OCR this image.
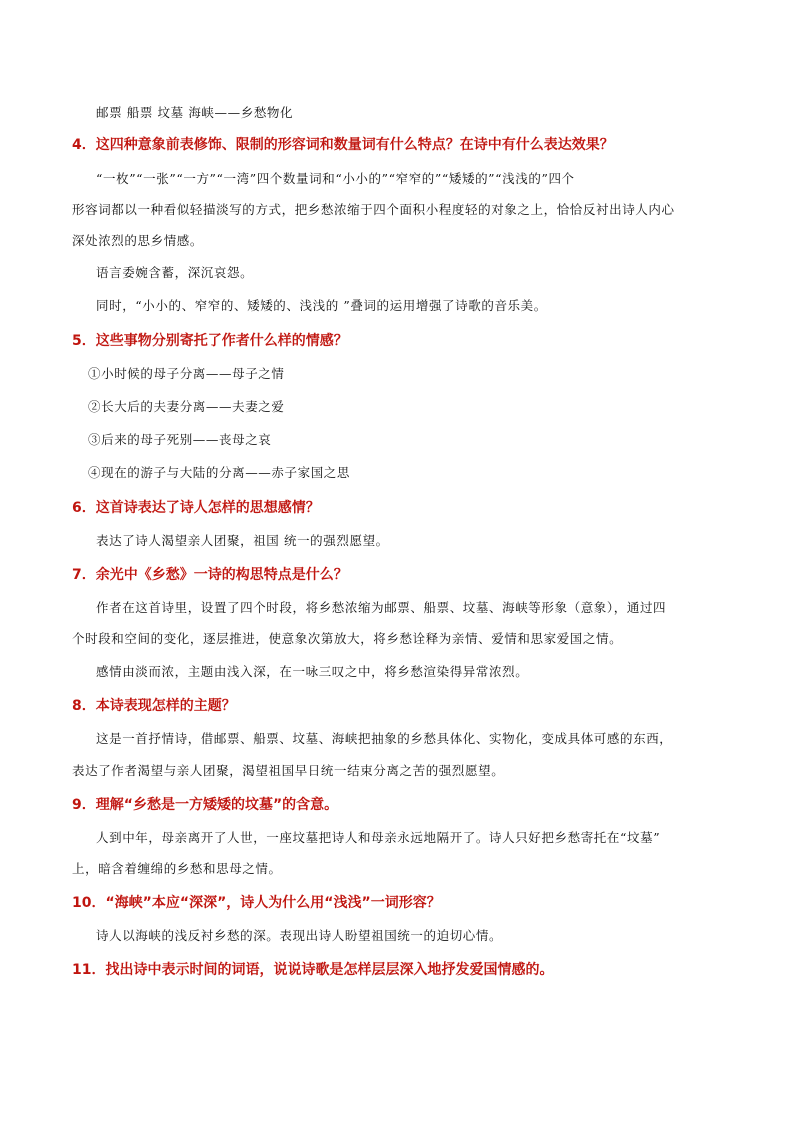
邮票 船票 坟墓 海峡——乡愁物化
4．这四种意象前表修饰、限制的形容词和数量词有什么特点？在诗中有什么表达效果？
“一枚”“一张”“一方”“一湾”四个数量词和“小小的”“窄窄的”“矮矮的”“浅浅的”四个
形容词都以一种看似轻描淡写的方式，把乡愁浓缩于四个面积小程度轻的对象之上，恰恰反衬出诗人内心
深处浓烈的思乡情感。
语言委婉含蓄，深沉哀怨。
同时，“小小的、窄窄的、矮矮的、浅浅的 ”叠词的运用增强了诗歌的音乐美。
5．这些事物分别寄托了作者什么样的情感？
①小时候的母子分离——母子之情
②长大后的夫妻分离——夫妻之爱
③后来的母子死别——丧母之哀
④现在的游子与大陆的分离——赤子家国之思
6．这首诗表达了诗人怎样的思想感情？
表达了诗人渴望亲人团聚，祖国 统一的强烈愿望。
7．余光中《乡愁》一诗的构思特点是什么？
作者在这首诗里，设置了四个时段，将乡愁浓缩为邮票、船票、坟墓、海峡等形象（意象），通过四
个时段和空间的变化，逐层推进，使意象次第放大，将乡愁诠释为亲情、爱情和思家爱国之情。
感情由淡而浓，主题由浅入深，在一咏三叹之中，将乡愁渲染得异常浓烈。
8．本诗表现怎样的主题？
这是一首抒情诗，借邮票、船票、坟墓、海峡把抽象的乡愁具体化、实物化，变成具体可感的东西，
表达了作者渴望与亲人团聚，渴望祖国早日统一结束分离之苦的强烈愿望。
9．理解“乡愁是一方矮矮的坟墓”的含意。
人到中年，母亲离开了人世，一座坟墓把诗人和母亲永远地隔开了。诗人只好把乡愁寄托在“坟墓”
上，暗含着缠绵的乡愁和思母之情。
10．“海峡”本应“深深”，诗人为什么用“浅浅”一词形容？
诗人以海峡的浅反衬乡愁的深。表现出诗人盼望祖国统一的迫切心情。
11．找出诗中表示时间的词语，说说诗歌是怎样层层深入地抒发爱国情感的。
